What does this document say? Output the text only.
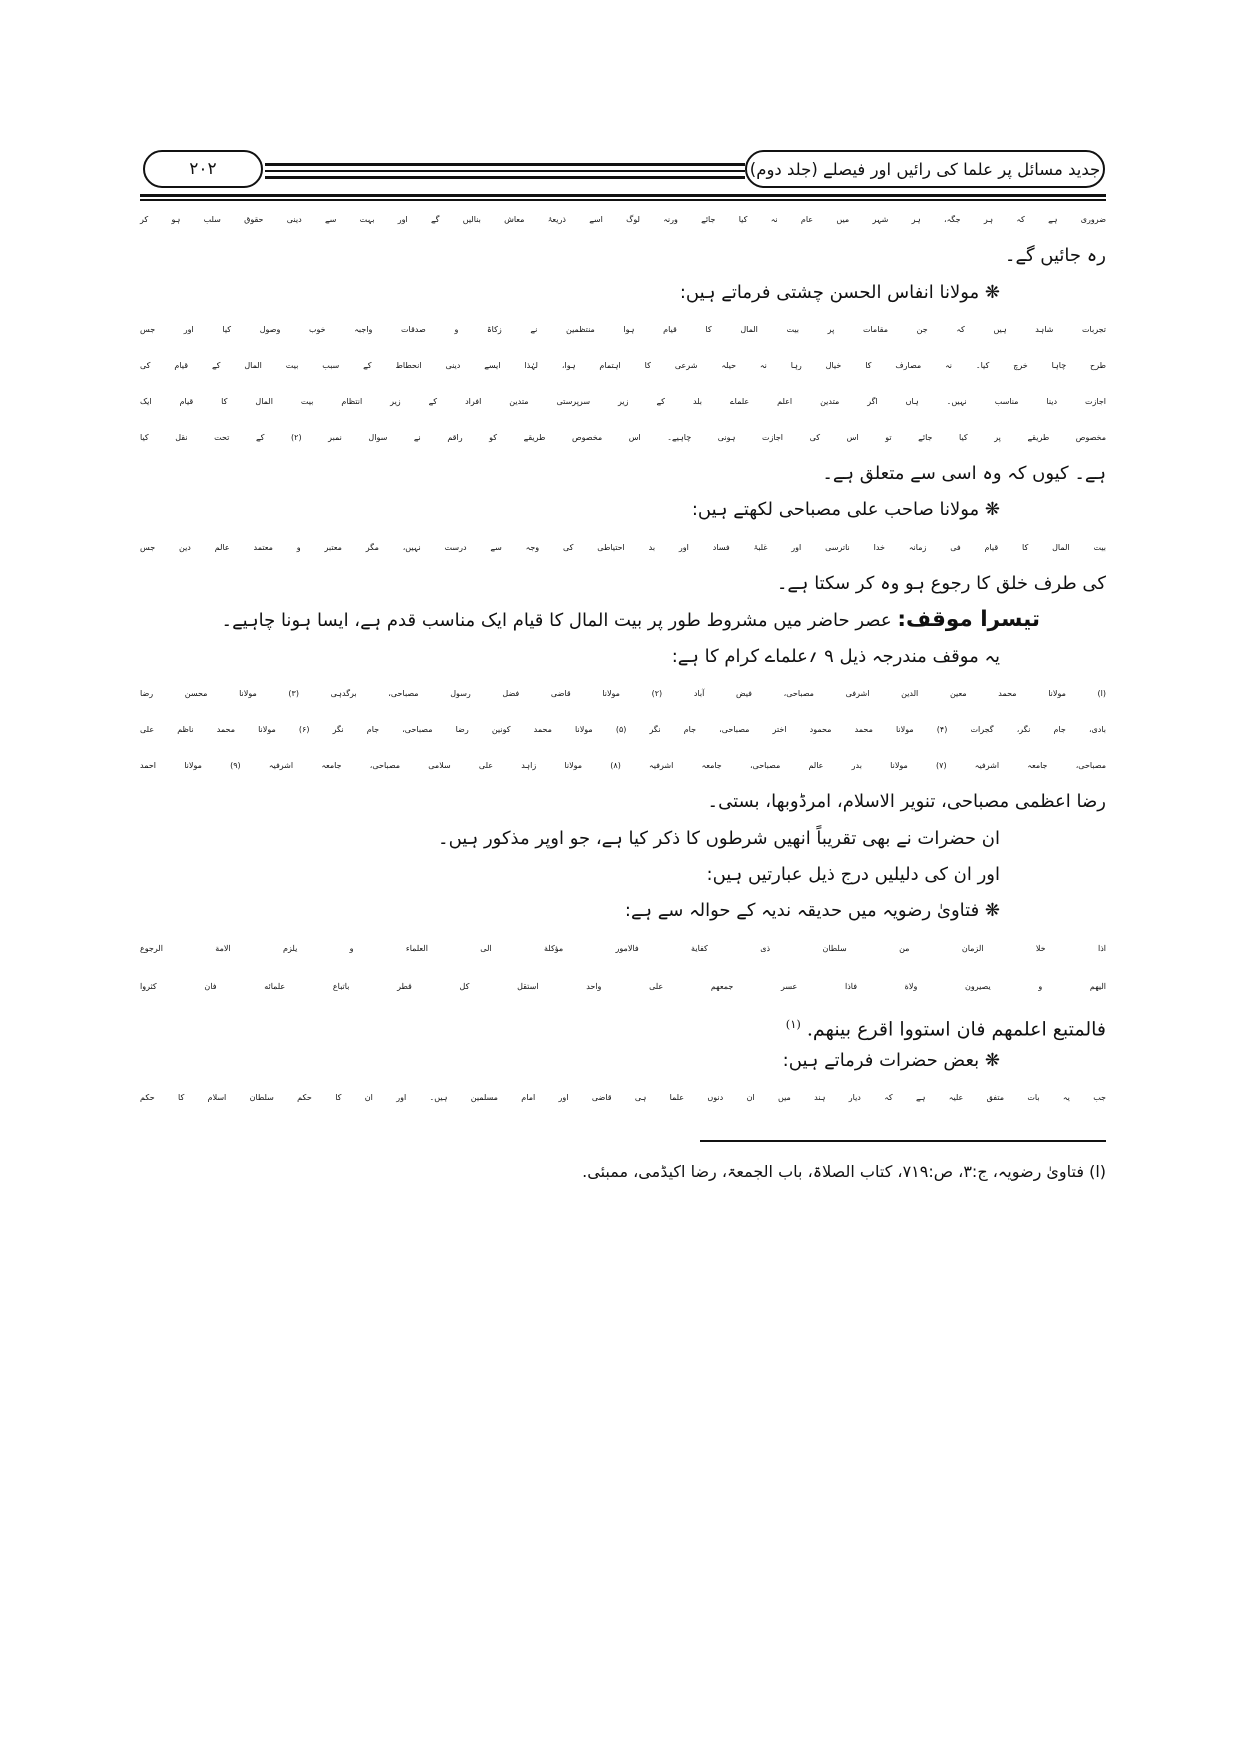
۲۰۲	جدید مسائل پر علما کی رائیں اور فیصلے (جلد دوم)
ضروری ہے کہ ہر جگہ، ہر شہر میں عام نہ کیا جائے ورنہ لوگ اسے ذریعۂ معاش بنالیں گے اور بہت سے دینی حقوق سلب ہو کر
رہ جائیں گے۔
❋ مولانا انفاس الحسن چشتی فرماتے ہیں:
تجربات شاہد ہیں کہ جن مقامات پر بیت المال کا قیام ہوا منتظمین نے زکاۃ و صدقات واجبہ خوب وصول کیا اور جس
طرح چاہا خرچ کیا۔ نہ مصارف کا خیال رہا نہ حیلہ شرعی کا اہتمام ہوا، لہٰذا ایسے دینی انحطاط کے سبب بیت المال کے قیام کی
اجازت دینا مناسب نہیں۔ ہاں اگر متدین اعلم علماے بلد کے زیر سرپرستی متدین افراد کے زیر انتظام بیت المال کا قیام ایک
مخصوص طریقے پر کیا جائے تو اس کی اجازت ہونی چاہیے۔ اس مخصوص طریقے کو راقم نے سوال نمبر (۲) کے تحت نقل کیا
ہے۔ کیوں کہ وہ اسی سے متعلق ہے۔
❋ مولانا صاحب علی مصباحی لکھتے ہیں:
بیت المال کا قیام فی زمانہ خدا ناترسی اور غلبۂ فساد اور بد احتیاطی کی وجہ سے درست نہیں، مگر معتبر و معتمد عالم دین جس
کی طرف خلق کا رجوع ہو وہ کر سکتا ہے۔
تیسرا موقف: عصر حاضر میں مشروط طور پر بیت المال کا قیام ایک مناسب قدم ہے، ایسا ہونا چاہیے۔
یہ موقف مندرجہ ذیل ۹ ؍علماے کرام کا ہے:
(ا) مولانا محمد معین الدین اشرفی مصباحی، فیض آباد (۲) مولانا قاضی فضل رسول مصباحی، برگدہی (۳) مولانا محسن رضا
بادی، جام نگر، گجرات (۴) مولانا محمد محمود اختر مصباحی، جام نگر (۵) مولانا محمد کونین رضا مصباحی، جام نگر (۶) مولانا محمد ناظم علی
مصباحی، جامعہ اشرفیہ (۷) مولانا بدر عالم مصباحی، جامعہ اشرفیہ (۸) مولانا زاہد علی سلامی مصباحی، جامعہ اشرفیہ (۹) مولانا احمد
رضا اعظمی مصباحی، تنویر الاسلام، امرڈوبھا، بستی۔
ان حضرات نے بھی تقریباً انھیں شرطوں کا ذکر کیا ہے، جو اوپر مذکور ہیں۔
اور ان کی دلیلیں درج ذیل عبارتیں ہیں:
❋ فتاویٰ رضویہ میں حدیقہ ندیہ کے حوالہ سے ہے:
اذا خلا الزمان من سلطان ذی كفاية فالامور مؤكلة الى العلماء و يلزم الامة الرجوع
اليهم و يصيرون ولاة فاذا عسر جمعهم على واحد استقل كل قطر باتباع علمائه فان كثروا
فالمتبع اعلمهم فان استووا اقرع بينهم. $^{(۱)}$
❋ بعض حضرات فرماتے ہیں:
جب یہ بات متفق علیہ ہے کہ دیار ہند میں ان دنوں علما ہی قاضی اور امام مسلمین ہیں۔ اور ان کا حکم سلطان اسلام کا حکم
(ا) فتاویٰ رضویہ، ج:۳، ص:۷۱۹، کتاب الصلاۃ، باب الجمعۃ، رضا اکیڈمی، ممبئی.
